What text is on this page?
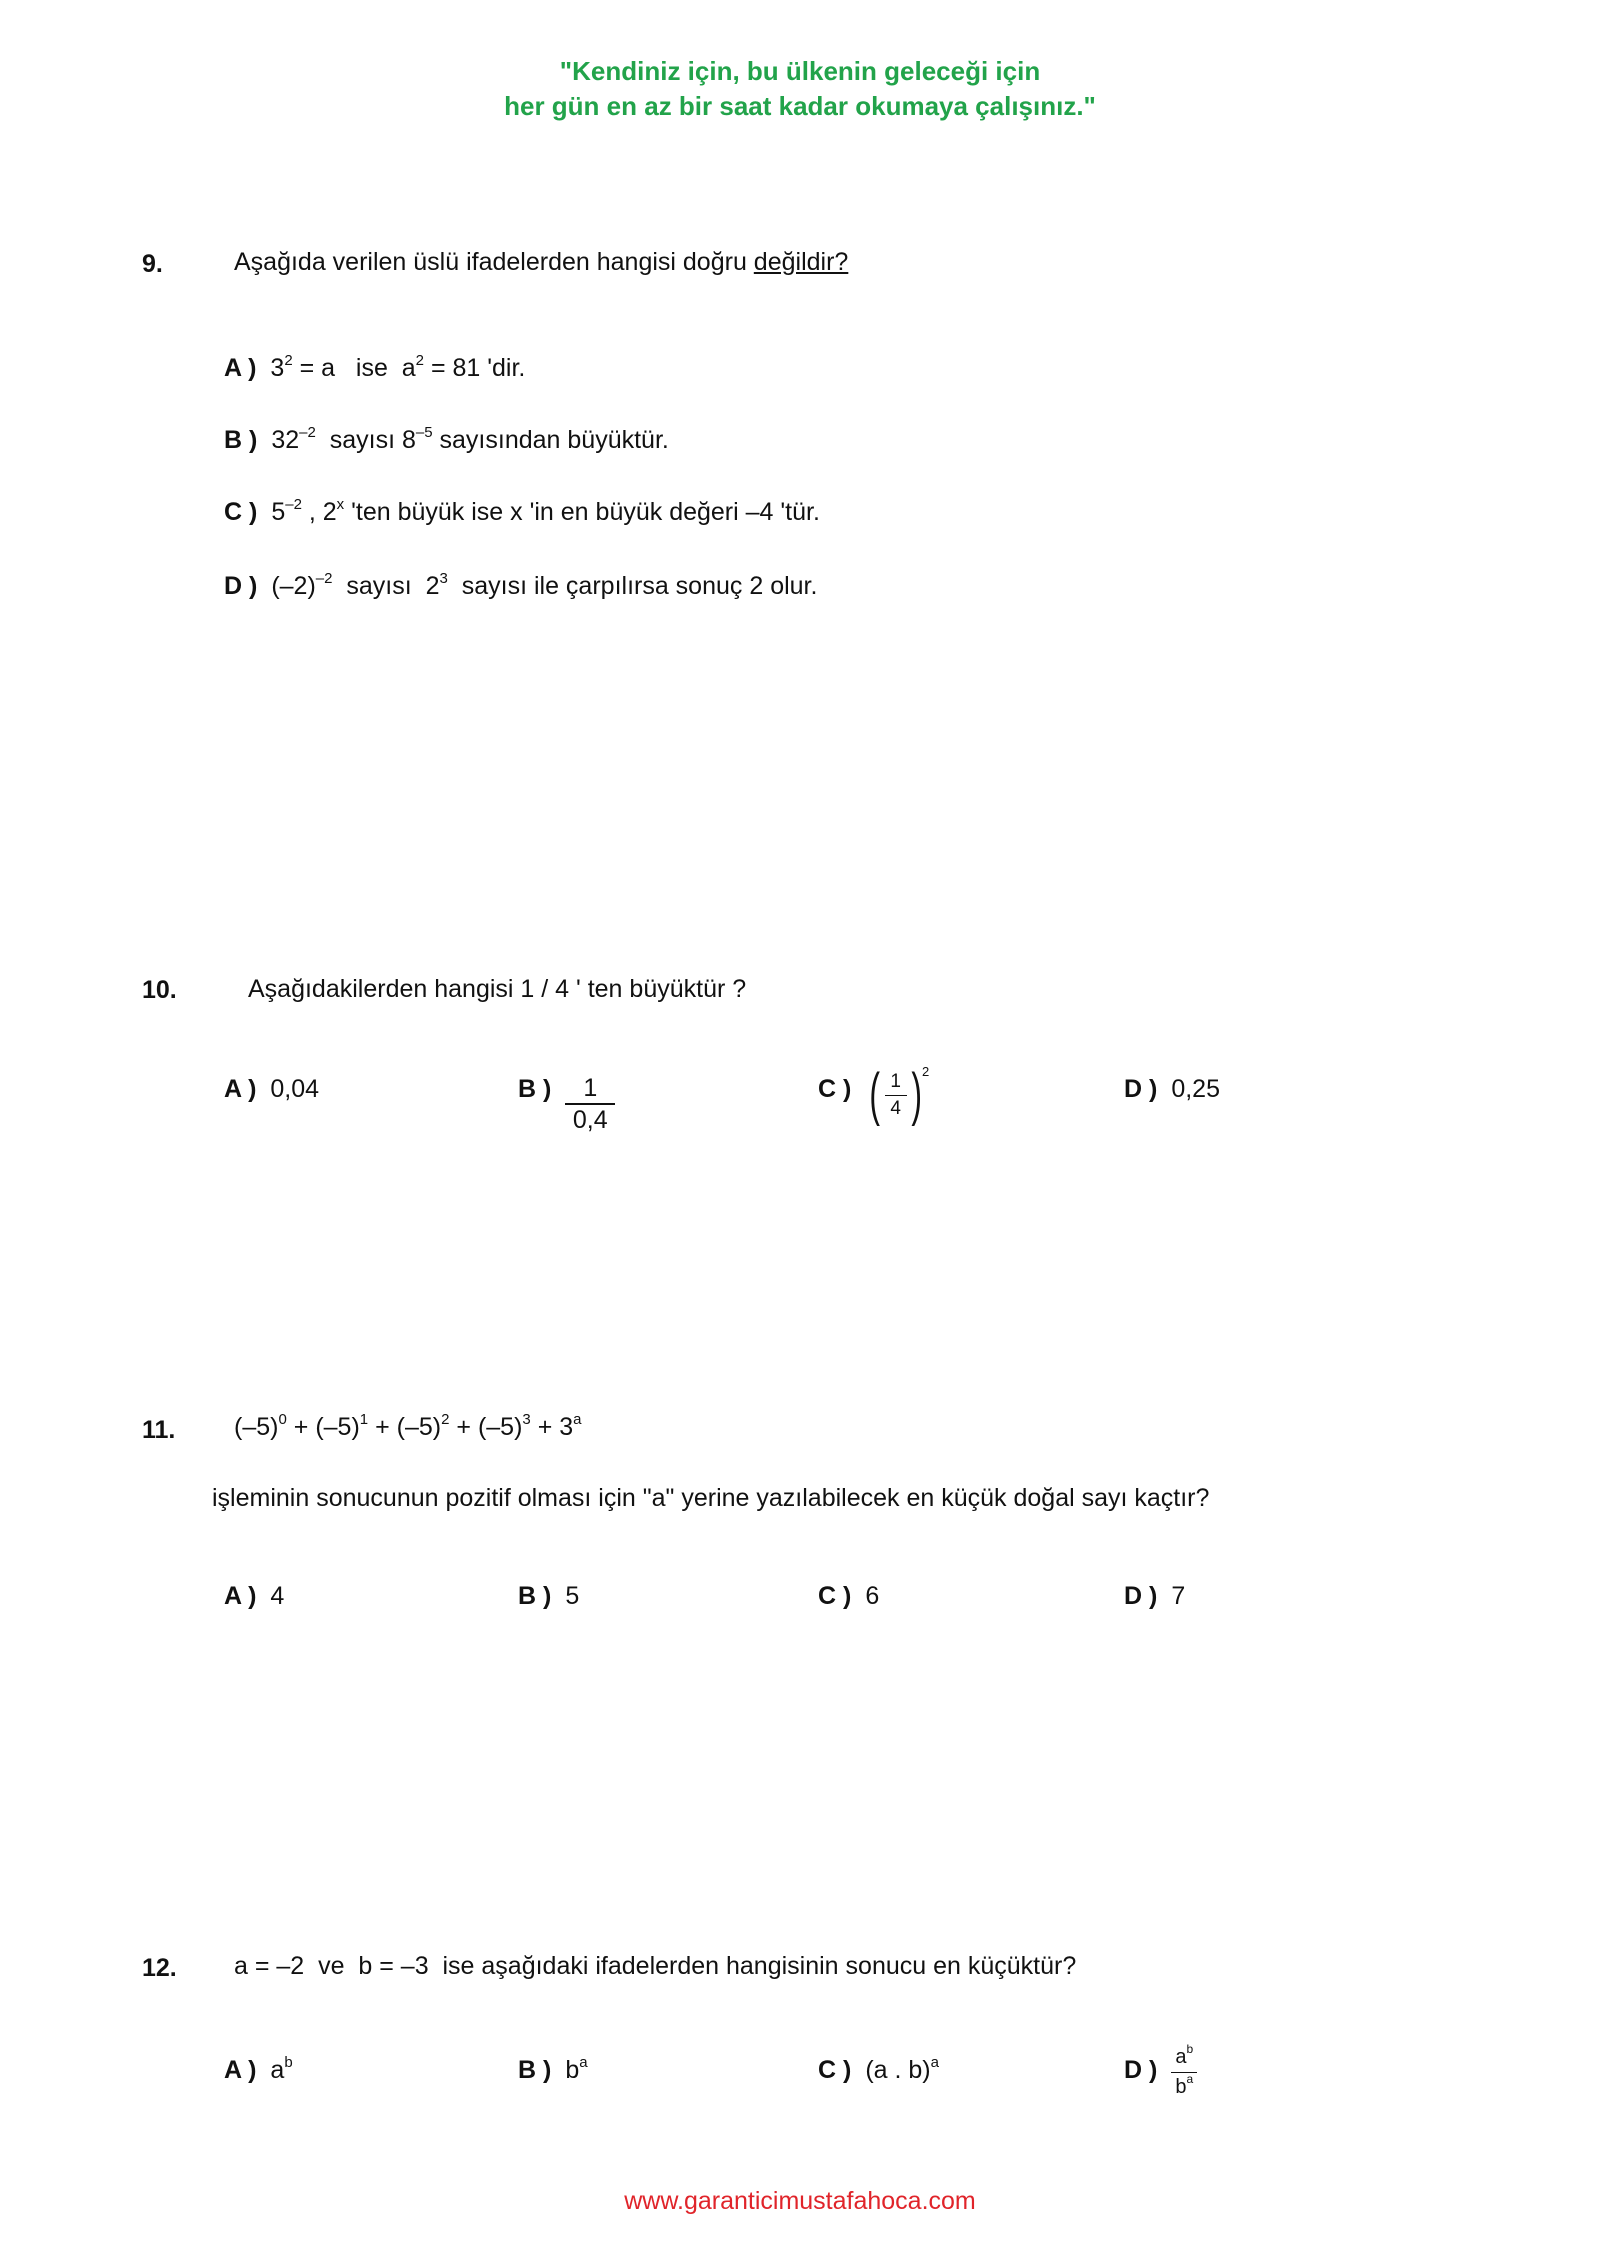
"Kendiniz için, bu ülkenin geleceği için
her gün en az bir saat kadar okumaya çalışınız."
9.	Aşağıda verilen üslü ifadelerden hangisi doğru değildir?
A ) $3^2 = a$   ise  $a^2 = 81$ 'dir.
B ) $32^{-2}$ sayısı $8^{-5}$ sayısından büyüktür.
C ) $5^{-2}$ , 2$^x$ 'ten büyük ise x 'in en büyük değeri –4 'tür.
D ) $(-2)^{-2}$ sayısı  $2^3$ sayısı ile çarpılırsa sonuç 2 olur.
10.	Aşağıdakilerden hangisi 1 / 4 ' ten büyüktür ?
A ) 0,04	B ) $\frac{1}{0,4}$	C ) ( $\frac{1}{4}$ ) 2
D ) 0,25
11. $(-5)^0 + (-5)^1 + (-5)^2 + (-5)^3 + 3^a$
işleminin sonucunun pozitif olması için "a" yerine yazılabilecek en küçük doğal sayı kaçtır?
A ) 4	B ) 5	C ) 6	D ) 7
12. a = –2  ve  b = –3  ise aşağıdaki ifadelerden hangisinin sonucu en küçüktür?
A ) $a^b$	B ) $b^a$	C ) (a . b)$^a$	D ) $a^b$
$b^a$
www.garanticimustafahoca.com
